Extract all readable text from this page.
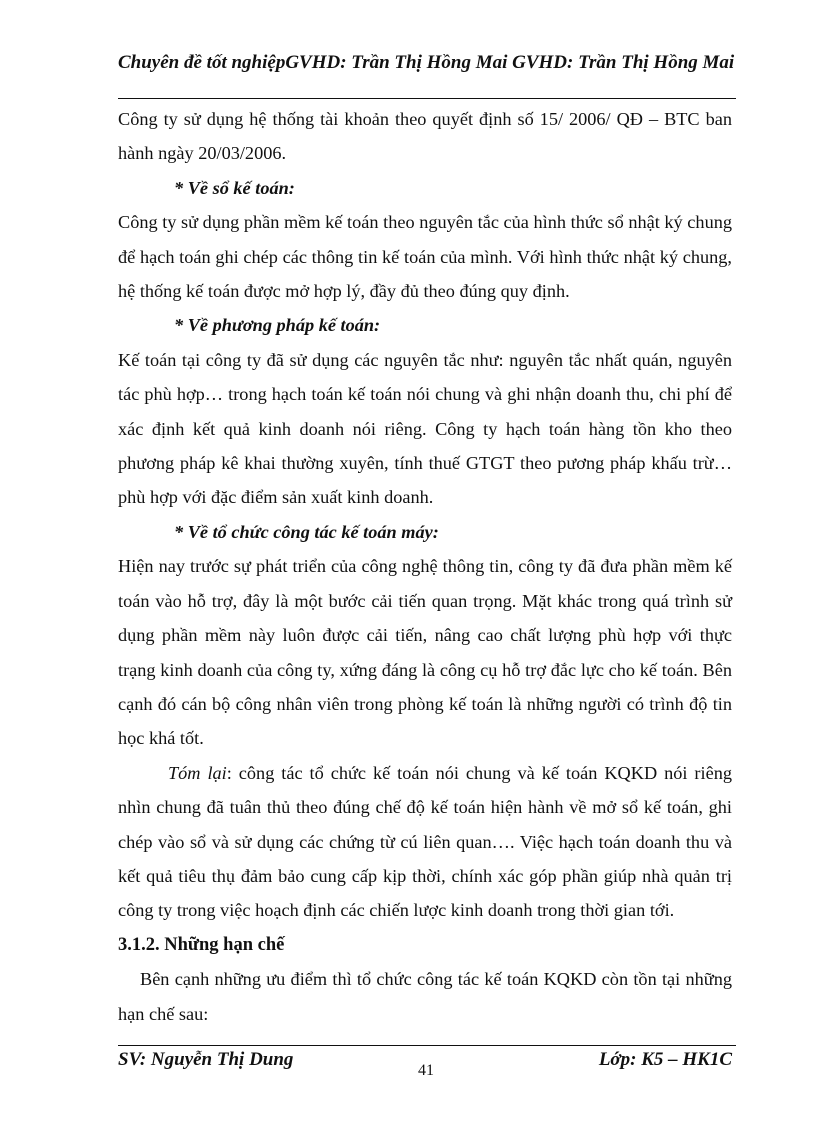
Chuyên đề tốt nghiệpGVHD: Trần Thị Hồng Mai GVHD: Trần Thị Hồng Mai

Công ty sử dụng hệ thống tài khoản theo quyết định số 15/ 2006/ QĐ – BTC ban hành ngày 20/03/2006.

* Về sổ kế toán:

Công ty sử dụng phần mềm kế toán theo nguyên tắc của hình thức sổ nhật ký chung để hạch toán ghi chép các thông tin kế toán của mình. Với hình thức nhật ký chung, hệ thống kế toán được mở hợp lý, đầy đủ theo đúng quy định.

* Về phương pháp kế toán:

Kế toán tại công ty đã sử dụng các nguyên tắc như: nguyên tắc nhất quán, nguyên tác phù hợp… trong hạch toán kế toán nói chung và ghi nhận doanh thu, chi phí để xác định kết quả kinh doanh nói riêng. Công ty hạch toán hàng tồn kho theo phương pháp kê khai thường xuyên, tính thuế GTGT theo pương pháp khấu trừ… phù hợp với đặc điểm sản xuất kinh doanh.

* Về tổ chức công tác kế toán máy:

Hiện nay trước sự phát triển của công nghệ thông tin, công ty đã đưa phần mềm kế toán vào hỗ trợ, đây là một bước cải tiến quan trọng. Mặt khác trong quá trình sử dụng phần mềm này luôn được cải tiến, nâng cao chất lượng phù hợp với thực trạng kinh doanh của công ty, xứng đáng là công cụ hỗ trợ đắc lực cho kế toán. Bên cạnh đó cán bộ công nhân viên trong phòng kế toán là những người có trình độ tin học khá tốt.

Tóm lại: công tác tổ chức kế toán nói chung và kế toán KQKD nói riêng nhìn chung đã tuân thủ theo đúng chế độ kế toán hiện hành về mở sổ kế toán, ghi chép vào sổ và sử dụng các chứng từ cú liên quan…. Việc hạch toán doanh thu và kết quả tiêu thụ đảm bảo cung cấp kịp thời, chính xác góp phần giúp nhà quản trị công ty trong việc hoạch định các chiến lược kinh doanh trong thời gian tới.

3.1.2. Những hạn chế

Bên cạnh những ưu điểm thì tổ chức công tác kế toán KQKD còn tồn tại những hạn chế sau:

SV: Nguyễn Thị Dung
41
Lớp: K5 – HK1C
